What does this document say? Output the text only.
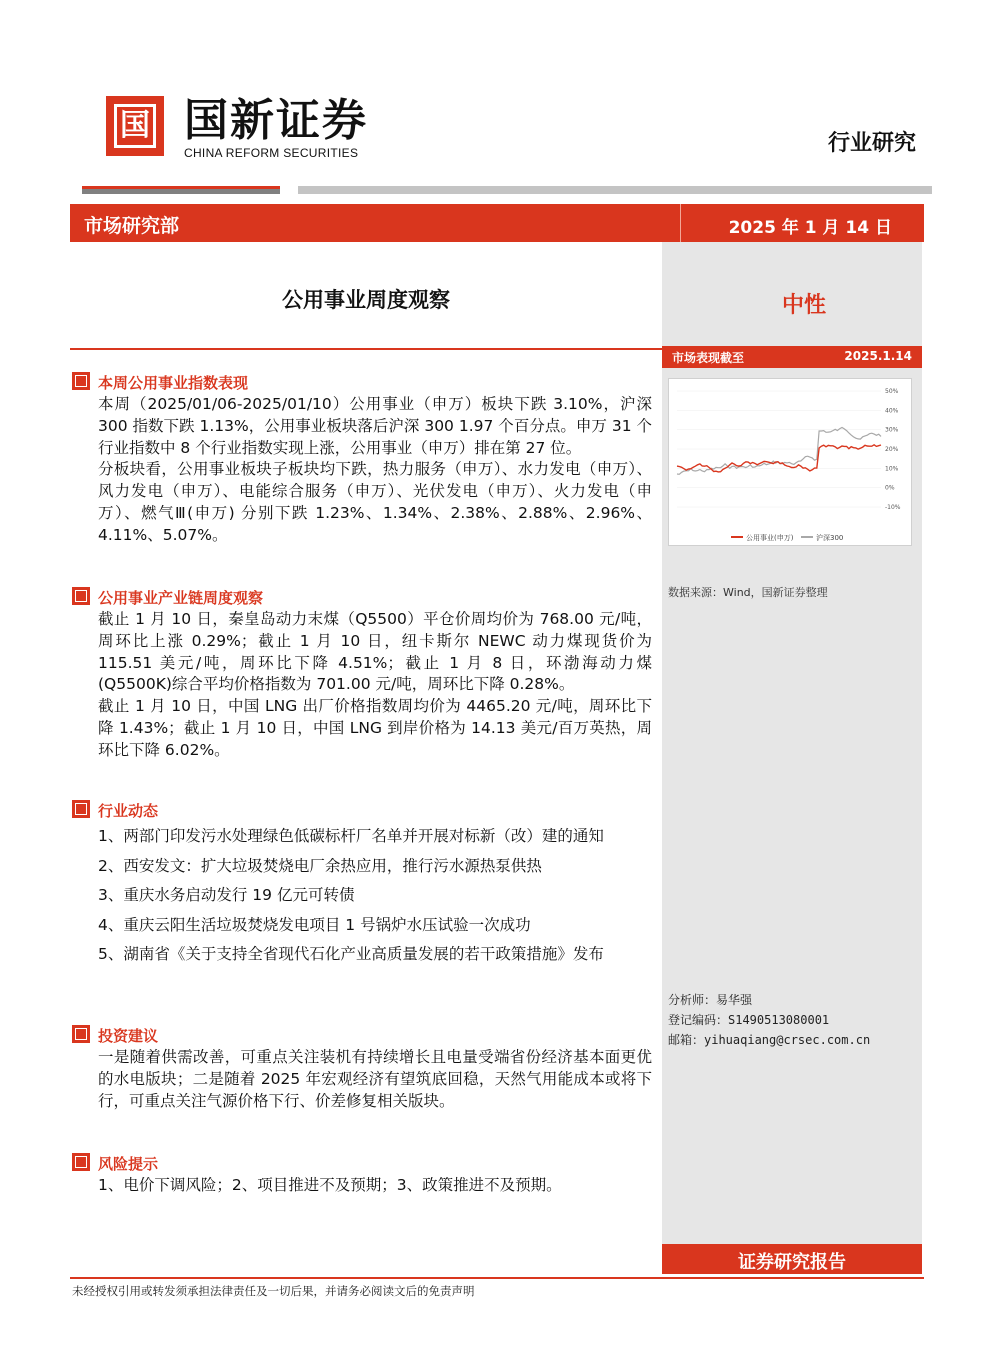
国 国新证券
CHINA REFORM SECURITIES	行业研究
市场研究部	2025 年 1 月 14 日
中性
市场表现截至	2025.1.14
50%
40%
30%
20%
10%
0%
-10%
公用事业(申万)	沪深300
数据来源：Wind，国新证券整理
分析师：易华强
登记编码：S1490513080001
邮箱：yihuaqiang@crsec.com.cn
证券研究报告
公用事业周度观察
本周公用事业指数表现

本周（2025/01/06-2025/01/10）公用事业（申万）板块下跌 3.10%，沪深 300 指数下跌 1.13%，公用事业板块落后沪深 300 1.97 个百分点。申万 31 个行业指数中 8 个行业指数实现上涨，公用事业（申万）排在第 27 位。

分板块看，公用事业板块子板块均下跌，热力服务（申万）、水力发电（申万）、风力发电（申万）、电能综合服务（申万）、光伏发电（申万）、火力发电（申万）、燃气Ⅲ(申万) 分别下跌 1.23%、1.34%、2.38%、2.88%、2.96%、4.11%、5.07%。

公用事业产业链周度观察

截止 1 月 10 日，秦皇岛动力末煤（Q5500）平仓价周均价为 768.00 元/吨，周环比上涨 0.29%；截止 1 月 10 日，纽卡斯尔 NEWC 动力煤现货价为 115.51 美元/吨，周环比下降 4.51%；截止 1 月 8 日，环渤海动力煤(Q5500K)综合平均价格指数为 701.00 元/吨，周环比下降 0.28%。

截止 1 月 10 日，中国 LNG 出厂价格指数周均价为 4465.20 元/吨，周环比下降 1.43%；截止 1 月 10 日，中国 LNG 到岸价格为 14.13 美元/百万英热，周环比下降 6.02%。

行业动态

1、两部门印发污水处理绿色低碳标杆厂名单并开展对标新（改）建的通知

2、西安发文：扩大垃圾焚烧电厂余热应用，推行污水源热泵供热

3、重庆水务启动发行 19 亿元可转债

4、重庆云阳生活垃圾焚烧发电项目 1 号锅炉水压试验一次成功

5、湖南省《关于支持全省现代石化产业高质量发展的若干政策措施》发布

投资建议

一是随着供需改善，可重点关注装机有持续增长且电量受端省份经济基本面更优的水电版块；二是随着 2025 年宏观经济有望筑底回稳，天然气用能成本或将下行，可重点关注气源价格下行、价差修复相关版块。

风险提示

1、电价下调风险；2、项目推进不及预期；3、政策推进不及预期。

未经授权引用或转发须承担法律责任及一切后果，并请务必阅读文后的免责声明
